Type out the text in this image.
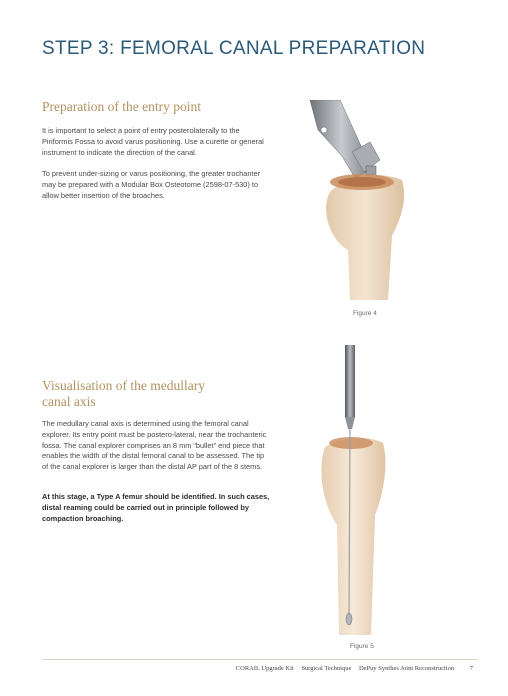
STEP 3: FEMORAL CANAL PREPARATION
Preparation of the entry point
It is important to select a point of entry posterolaterally to the Piriformis Fossa to avoid varus positioning. Use a curette or general instrument to indicate the direction of the canal.
To prevent under-sizing or varus positioning, the greater trochanter may be prepared with a Modular Box Osteotome (2598-07-530) to allow better insertion of the broaches.
Figure 4
Visualisation of the medullary
canal axis
The medullary canal axis is determined using the femoral canal explorer. Its entry point must be postero-lateral, near the trochanteric fossa. The canal explorer comprises an 8 mm “bullet” end piece that enables the width of the distal femoral canal to be assessed. The tip of the canal explorer is larger than the distal AP part of the 8 stems.
At this stage, a Type A femur should be identified. In such cases, distal reaming could be carried out in principle followed by compaction broaching.
Figure 5
CORAIL Upgrade Kit Surgical Technique DePuy Synthes Joint Reconstruction 7
